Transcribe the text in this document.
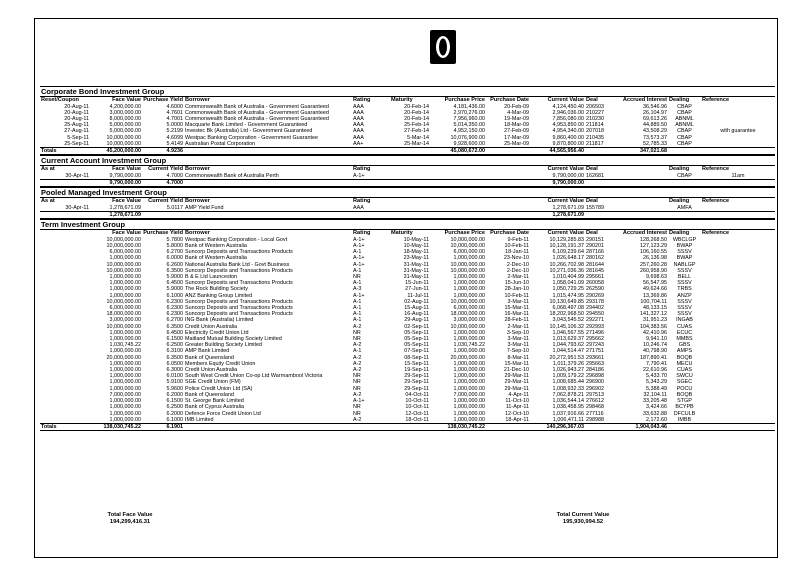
Corporate Bond Investment Group
Reset/Coupon	Face Value	Purchase Yield	Borrower	Rating	Maturity	Purchase Price	Purchase Date	Current Value	Deal	Accrued Interest	Dealing	Reference
20-Aug-11	4,200,000.00	4.6000	Commonwealth Bank of Australia - Government Guaranteed	AAA	20-Feb-14	4,181,436.00	20-Feb-09	4,124,450.40	206503	36,546.96	CBAP	
20-Aug-11	3,000,000.00	4.7601	Commonwealth Bank of Australia - Government Guaranteed	AAA	20-Feb-14	2,970,276.00	4-Mar-09	2,946,036.00	210227	26,104.97	CBAP	
20-Aug-11	8,000,000.00	4.7001	Commonwealth Bank of Australia - Government Guaranteed	AAA	20-Feb-14	7,956,960.00	19-Mar-09	7,856,080.00	210230	69,613.26	ABNML	
25-Aug-11	5,000,000.00	5.0000	Macquarie Bank Limited - Government Guaranteed	AAA	25-Feb-14	5,014,350.00	18-Mar-09	4,953,850.00	211814	44,889.50	ABNML	
27-Aug-11	5,000,000.00	5.2199	Investec Bk (Australia) Ltd - Government Guaranteed	AAA	27-Feb-14	4,952,150.00	27-Feb-09	4,954,340.00	207018	43,508.29	CBAP	with guarantee
5-Sep-11	10,000,000.00	4.6099	Westpac Banking Corporation - Government Guarantee	AAA	5-Mar-14	10,076,900.00	17-Mar-09	9,860,400.00	210435	73,573.37	CBAP	
25-Sep-11	10,000,000.00	5.4149	Australian Postal Corporation	AA+	25-Mar-14	9,928,600.00	25-Mar-09	9,870,800.00	211817	52,785.33	CBAP	
Totals	45,200,000.00	4.9236				45,080,672.00		44,565,956.40		347,021.68		
Current Account Investment Group
As at	Face Value	Current Yield	Borrower	Rating				Current Value	Deal		Dealing	Reference
30-Apr-11	9,790,000.00	4.7000	Commonwealth Bank of Australia Perth	A-1+				9,790,000.00	162681		CBAP	11am
	9,790,000.00	4.7000						9,790,000.00				
Pooled Managed Investment Group
As at	Face Value	Current Yield	Borrower	Rating				Current Value	Deal		Dealing	Reference
30-Apr-11	1,278,671.09	5.0117	AMP Yield Fund	AAA				1,278,671.09	155789		AMFA	
	1,278,671.09							1,278,671.09				
Term Investment Group
	Face Value	Purchase Yield	Borrower	Rating	Maturity	Purchase Price	Purchase Date	Current Value	Deal	Accrued Interest	Dealing	Reference
	10,000,000.00	5.7800	Westpac Banking Corporation - Local Govt	A-1+	10-May-11	10,000,000.00	9-Feb-11	10,129,285.83	290151	128,268.50	WBCLGP	
	10,000,000.00	5.8000	Bank of Western Australia	A-1+	10-May-11	10,000,000.00	10-Feb-11	10,128,191.37	290201	127,123.29	BWAP	
	6,000,000.00	6.2700	Suncorp Deposits and Transactions Products	A-1	18-May-11	6,000,000.00	18-Jan-11	6,109,239.64	287166	106,160.55	SSSV	
	1,000,000.00	6.0000	Bank of Western Australia	A-1+	23-May-11	1,000,000.00	23-Nov-10	1,026,648.17	280162	26,136.98	BWAP	
	10,000,000.00	6.2600	National Australia Bank Ltd - Govt Business	A-1+	31-May-11	10,000,000.00	2-Dec-10	10,266,702.98	281644	257,260.28	NABLGP	
	10,000,000.00	6.3500	Suncorp Deposits and Transactions Products	A-1	31-May-11	10,000,000.00	2-Dec-10	10,271,036.36	281645	260,958.90	SSSV	
	1,000,000.00	5.9000	B & E Ltd Launceston	NR	31-May-11	1,000,000.00	2-Mar-11	1,010,404.99	295661	9,698.63	BELL	
	1,000,000.00	6.4500	Suncorp Deposits and Transactions Products	A-1	15-Jun-11	1,000,000.00	15-Jun-10	1,058,041.09	260058	56,547.95	SSSV	
	1,000,000.00	5.9000	The Rock Building Society	A-3	27-Jun-11	1,000,000.00	28-Jan-10	1,050,729.25	262590	49,624.66	TRBS	
	1,000,000.00	6.1000	ANZ Banking Group Limited	A-1+	11-Jul-11	1,000,000.00	10-Feb-11	1,015,474.95	290269	13,369.86	ANZP	
	10,000,000.00	6.2300	Suncorp Deposits and Transactions Products	A-1	02-Aug-11	10,000,000.00	3-Mar-11	10,130,649.85	293178	100,704.11	SSSV	
	6,000,000.00	6.2300	Suncorp Deposits and Transactions Products	A-1	15-Aug-11	6,000,000.00	15-Mar-11	6,068,497.08	294402	48,133.15	SSSV	
	18,000,000.00	6.2300	Suncorp Deposits and Transactions Products	A-1	16-Aug-11	18,000,000.00	16-Mar-11	18,202,968.50	294550	141,327.12	SSSV	
	3,000,000.00	6.2700	ING Bank (Australia) Limited	A-1	29-Aug-11	3,000,000.00	28-Feb-11	3,043,545.52	292271	31,951.23	INGAB	
	10,000,000.00	6.3500	Credit Union Australia	A-2	02-Sep-11	10,000,000.00	2-Mar-11	10,145,106.32	292993	104,383.56	CUAS	
	1,000,000.00	6.4500	Electricity Credit Union Ltd	NR	05-Sep-11	1,000,000.00	3-Sep-10	1,046,567.55	271496	42,410.96	ECUC	
	1,000,000.00	6.1500	Maitland Mutual Building Society Limited	NR	05-Sep-11	1,000,000.00	3-Mar-11	1,013,629.37	295662	9,941.10	MMBS	
	1,030,745.22	6.2500	Greater Building Society Limited	A-2	05-Sep-11	1,030,745.22	3-Mar-11	1,044,793.62	297243	10,246.74	GBS	
	1,000,000.00	6.3100	AMP Bank Limited	A-1	07-Sep-11	1,000,000.00	7-Sep-10	1,044,514.47	271751	40,798.90	AMPS	
	20,000,000.00	6.3500	Bank of Queensland	A-2	08-Sep-11	20,000,000.00	8-Mar-11	20,272,951.53	293661	187,890.41	BOQB	
	1,000,000.00	6.0500	Members Equity Credit Union	A-2	15-Sep-11	1,000,000.00	15-Mar-11	1,011,379.26	295663	7,790.41	MECU	
	1,000,000.00	6.3000	Credit Union Australia	A-2	19-Sep-11	1,000,000.00	21-Dec-10	1,026,943.27	284186	22,610.96	CUAS	
	1,000,000.00	6.0100	South West Credit Union Co-op Ltd Warrnambool Victoria	NR	29-Sep-11	1,000,000.00	29-Mar-11	1,009,179.22	296898	5,433.70	SWCU	
	1,000,000.00	5.9100	SGE Credit Union (FM)	NR	29-Sep-11	1,000,000.00	29-Mar-11	1,008,685.44	296900	5,343.29	SGEC	
	1,000,000.00	5.9600	Police Credit Union Ltd (SA)	NR	29-Sep-11	1,000,000.00	29-Mar-11	1,008,932.33	296902	5,388.49	POCU	
	7,000,000.00	6.2000	Bank of Queensland	A-2	04-Oct-11	7,000,000.00	4-Apr-11	7,062,878.21	297513	32,104.11	BOQB	
	1,000,000.00	6.1500	St. George Bank Limited	A-1+	10-Oct-11	1,000,000.00	11-Oct-10	1,036,544.14	276612	33,205.48	STGP	
	1,000,000.00	6.2500	Bank of Cyprus Australia	NR	10-Oct-11	1,000,000.00	11-Apr-11	1,038,458.95	298468	3,424.66	BCYPB	
	1,000,000.00	6.2000	Defence Force Credit Union Ltd	NR	12-Oct-11	1,000,000.00	12-Oct-10	1,037,916.66	277116	33,632.88	DFCULB	
	1,000,000.00	6.1000	IMB Limited	A-2	18-Oct-11	1,000,000.00	18-Apr-11	1,006,471.11	298988	2,172.60	IMBB	
Totals	138,030,745.22	6.1901				138,030,745.22		140,296,367.03		1,904,043.46		
Total Face Value
194,299,416.31
Total Current Value
195,930,994.52
